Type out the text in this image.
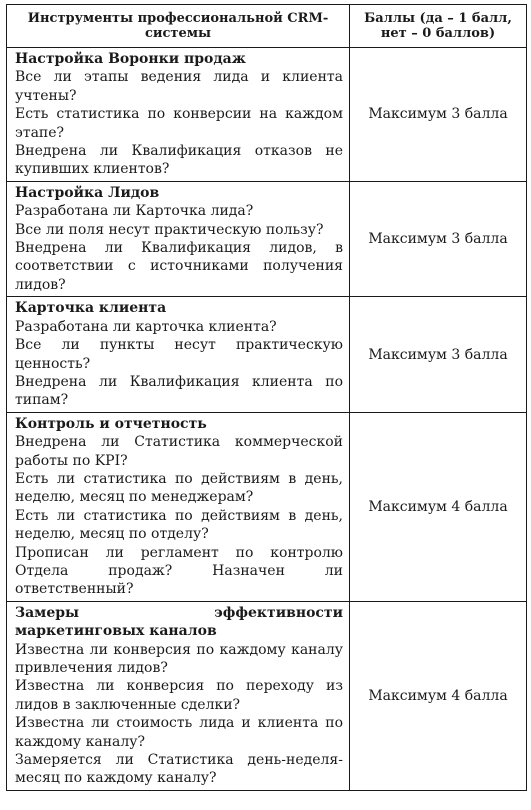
Инструменты профессиональной CRM-системы	Баллы (да – 1 балл, нет – 0 баллов)

Настройка Воронки продаж
Все ли этапы ведения лида и клиента учтены?
Есть статистика по конверсии на каждом этапе?
Внедрена ли Квалификация отказов не купивших клиентов?	Максимум 3 балла

Настройка Лидов
Разработана ли Карточка лида?
Все ли поля несут практическую пользу?
Внедрена ли Квалификация лидов, в соответствии с источниками получения лидов?	Максимум 3 балла

Карточка клиента
Разработана ли карточка клиента?
Все ли пункты несут практическую ценность?
Внедрена ли Квалификация клиента по типам?	Максимум 3 балла

Контроль и отчетность
Внедрена ли Статистика коммерческой работы по KPI?
Есть ли статистика по действиям в день, неделю, месяц по менеджерам?
Есть ли статистика по действиям в день, неделю, месяц по отделу?
Прописан ли регламент по контролю Отдела продаж? Назначен ли ответственный?	Максимум 4 балла

Замеры эффективности маркетинговых каналов
Известна ли конверсия по каждому каналу привлечения лидов?
Известна ли конверсия по переходу из лидов в заключенные сделки?
Известна ли стоимость лида и клиента по каждому каналу?
Замеряется ли Статистика день-неделя-месяц по каждому каналу?	Максимум 4 балла
